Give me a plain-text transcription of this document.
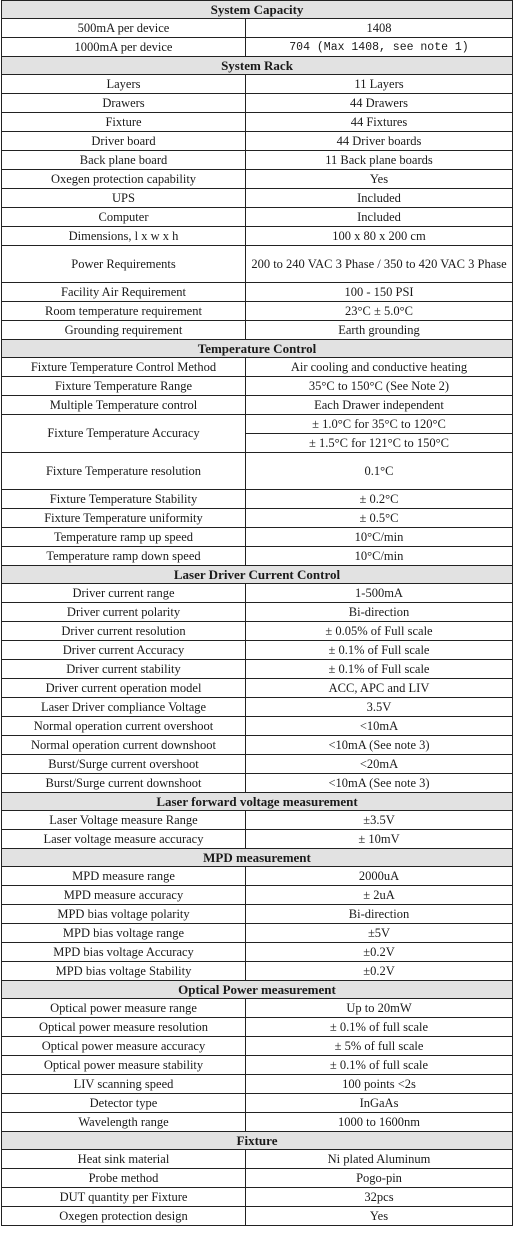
System Capacity	
500mA per device	1408
1000mA per device	704 (Max 1408, see note 1)
System Rack	
Layers	11 Layers
Drawers	44 Drawers
Fixture	44 Fixtures
Driver board	44 Driver boards
Back plane board	11 Back plane boards
Oxegen protection capability	Yes
UPS	Included
Computer	Included
Dimensions, l x w x h	100 x 80 x 200 cm
Power Requirements	200 to 240 VAC 3 Phase / 350 to 420 VAC 3 Phase
Facility Air Requirement	100 - 150 PSI
Room temperature requirement	23°C ± 5.0°C
Grounding requirement	Earth grounding
Temperature Control	
Fixture Temperature Control Method	Air cooling and conductive heating
Fixture Temperature Range	35°C to 150°C (See Note 2)
Multiple Temperature control	Each Drawer independent
Fixture Temperature Accuracy	± 1.0°C for 35°C to 120°C
	± 1.5°C for 121°C to 150°C
Fixture Temperature resolution	0.1°C
Fixture Temperature Stability	± 0.2°C
Fixture Temperature uniformity	± 0.5°C
Temperature ramp up speed	10°C/min
Temperature ramp down speed	10°C/min
Laser Driver Current Control	
Driver current range	1-500mA
Driver current polarity	Bi-direction
Driver current resolution	± 0.05% of Full scale
Driver current Accuracy	± 0.1% of Full scale
Driver current stability	± 0.1% of Full scale
Driver current operation model	ACC, APC and LIV
Laser Driver compliance Voltage	3.5V
Normal operation current overshoot	<10mA
Normal operation current downshoot	<10mA (See note 3)
Burst/Surge current overshoot	<20mA
Burst/Surge current downshoot	<10mA (See note 3)
Laser forward voltage measurement	
Laser Voltage measure Range	±3.5V
Laser voltage measure accuracy	± 10mV
MPD measurement	
MPD measure range	2000uA
MPD measure accuracy	± 2uA
MPD bias voltage polarity	Bi-direction
MPD bias voltage range	±5V
MPD bias voltage Accuracy	±0.2V
MPD bias voltage Stability	±0.2V
Optical Power measurement	
Optical power measure range	Up to 20mW
Optical power measure resolution	± 0.1% of full scale
Optical power measure accuracy	± 5% of full scale
Optical power measure stability	± 0.1% of full scale
LIV scanning speed	100 points <2s
Detector type	InGaAs
Wavelength range	1000 to 1600nm
Fixture	
Heat sink material	Ni plated Aluminum
Probe method	Pogo-pin
DUT quantity per Fixture	32pcs
Oxegen protection design	Yes
